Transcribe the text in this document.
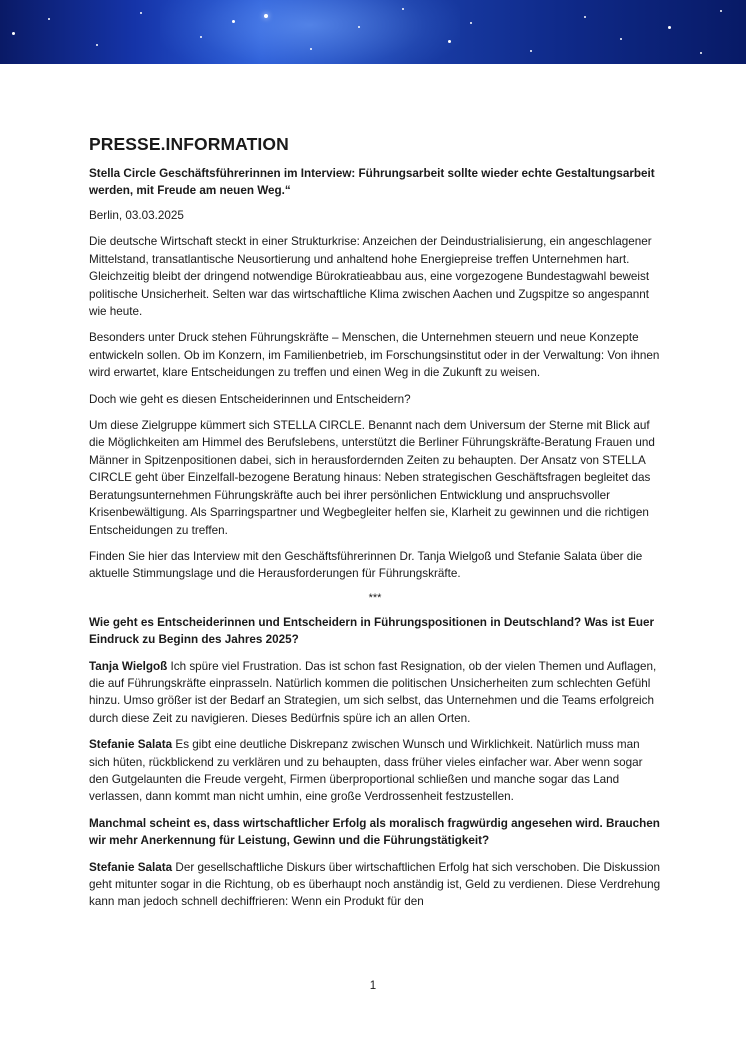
PRESSE.INFORMATION
Stella Circle Geschäftsführerinnen im Interview: Führungsarbeit sollte wieder echte Gestaltungsarbeit werden, mit Freude am neuen Weg.“

Berlin, 03.03.2025

Die deutsche Wirtschaft steckt in einer Strukturkrise: Anzeichen der Deindustrialisierung, ein angeschlagener Mittelstand, transatlantische Neusortierung und anhaltend hohe Energiepreise treffen Unternehmen hart. Gleichzeitig bleibt der dringend notwendige Bürokratieabbau aus, eine vorgezogene Bundestagwahl beweist politische Unsicherheit. Selten war das wirtschaftliche Klima zwischen Aachen und Zugspitze so angespannt wie heute.

Besonders unter Druck stehen Führungskräfte – Menschen, die Unternehmen steuern und neue Konzepte entwickeln sollen. Ob im Konzern, im Familienbetrieb, im Forschungsinstitut oder in der Verwaltung: Von ihnen wird erwartet, klare Entscheidungen zu treffen und einen Weg in die Zukunft zu weisen.

Doch wie geht es diesen Entscheiderinnen und Entscheidern?

Um diese Zielgruppe kümmert sich STELLA CIRCLE. Benannt nach dem Universum der Sterne mit Blick auf die Möglichkeiten am Himmel des Berufslebens, unterstützt die Berliner Führungskräfte-Beratung Frauen und Männer in Spitzenpositionen dabei, sich in herausfordernden Zeiten zu behaupten. Der Ansatz von STELLA CIRCLE geht über Einzelfall-bezogene Beratung hinaus: Neben strategischen Geschäftsfragen begleitet das Beratungsunternehmen Führungskräfte auch bei ihrer persönlichen Entwicklung und anspruchsvoller Krisenbewältigung. Als Sparringspartner und Wegbegleiter helfen sie, Klarheit zu gewinnen und die richtigen Entscheidungen zu treffen.

Finden Sie hier das Interview mit den Geschäftsführerinnen Dr. Tanja Wielgoß und Stefanie Salata über die aktuelle Stimmungslage und die Herausforderungen für Führungskräfte.

***

Wie geht es Entscheiderinnen und Entscheidern in Führungspositionen in Deutschland? Was ist Euer Eindruck zu Beginn des Jahres 2025?

Tanja Wielgoß Ich spüre viel Frustration. Das ist schon fast Resignation, ob der vielen Themen und Auflagen, die auf Führungskräfte einprasseln. Natürlich kommen die politischen Unsicherheiten zum schlechten Gefühl hinzu. Umso größer ist der Bedarf an Strategien, um sich selbst, das Unternehmen und die Teams erfolgreich durch diese Zeit zu navigieren. Dieses Bedürfnis spüre ich an allen Orten.

Stefanie Salata Es gibt eine deutliche Diskrepanz zwischen Wunsch und Wirklichkeit. Natürlich muss man sich hüten, rückblickend zu verklären und zu behaupten, dass früher vieles einfacher war. Aber wenn sogar den Gutgelaunten die Freude vergeht, Firmen überproportional schließen und manche sogar das Land verlassen, dann kommt man nicht umhin, eine große Verdrossenheit festzustellen.

Manchmal scheint es, dass wirtschaftlicher Erfolg als moralisch fragwürdig angesehen wird. Brauchen wir mehr Anerkennung für Leistung, Gewinn und die Führungstätigkeit?

Stefanie Salata Der gesellschaftliche Diskurs über wirtschaftlichen Erfolg hat sich verschoben. Die Diskussion geht mitunter sogar in die Richtung, ob es überhaupt noch anständig ist, Geld zu verdienen. Diese Verdrehung kann man jedoch schnell dechiffrieren: Wenn ein Produkt für den

1
